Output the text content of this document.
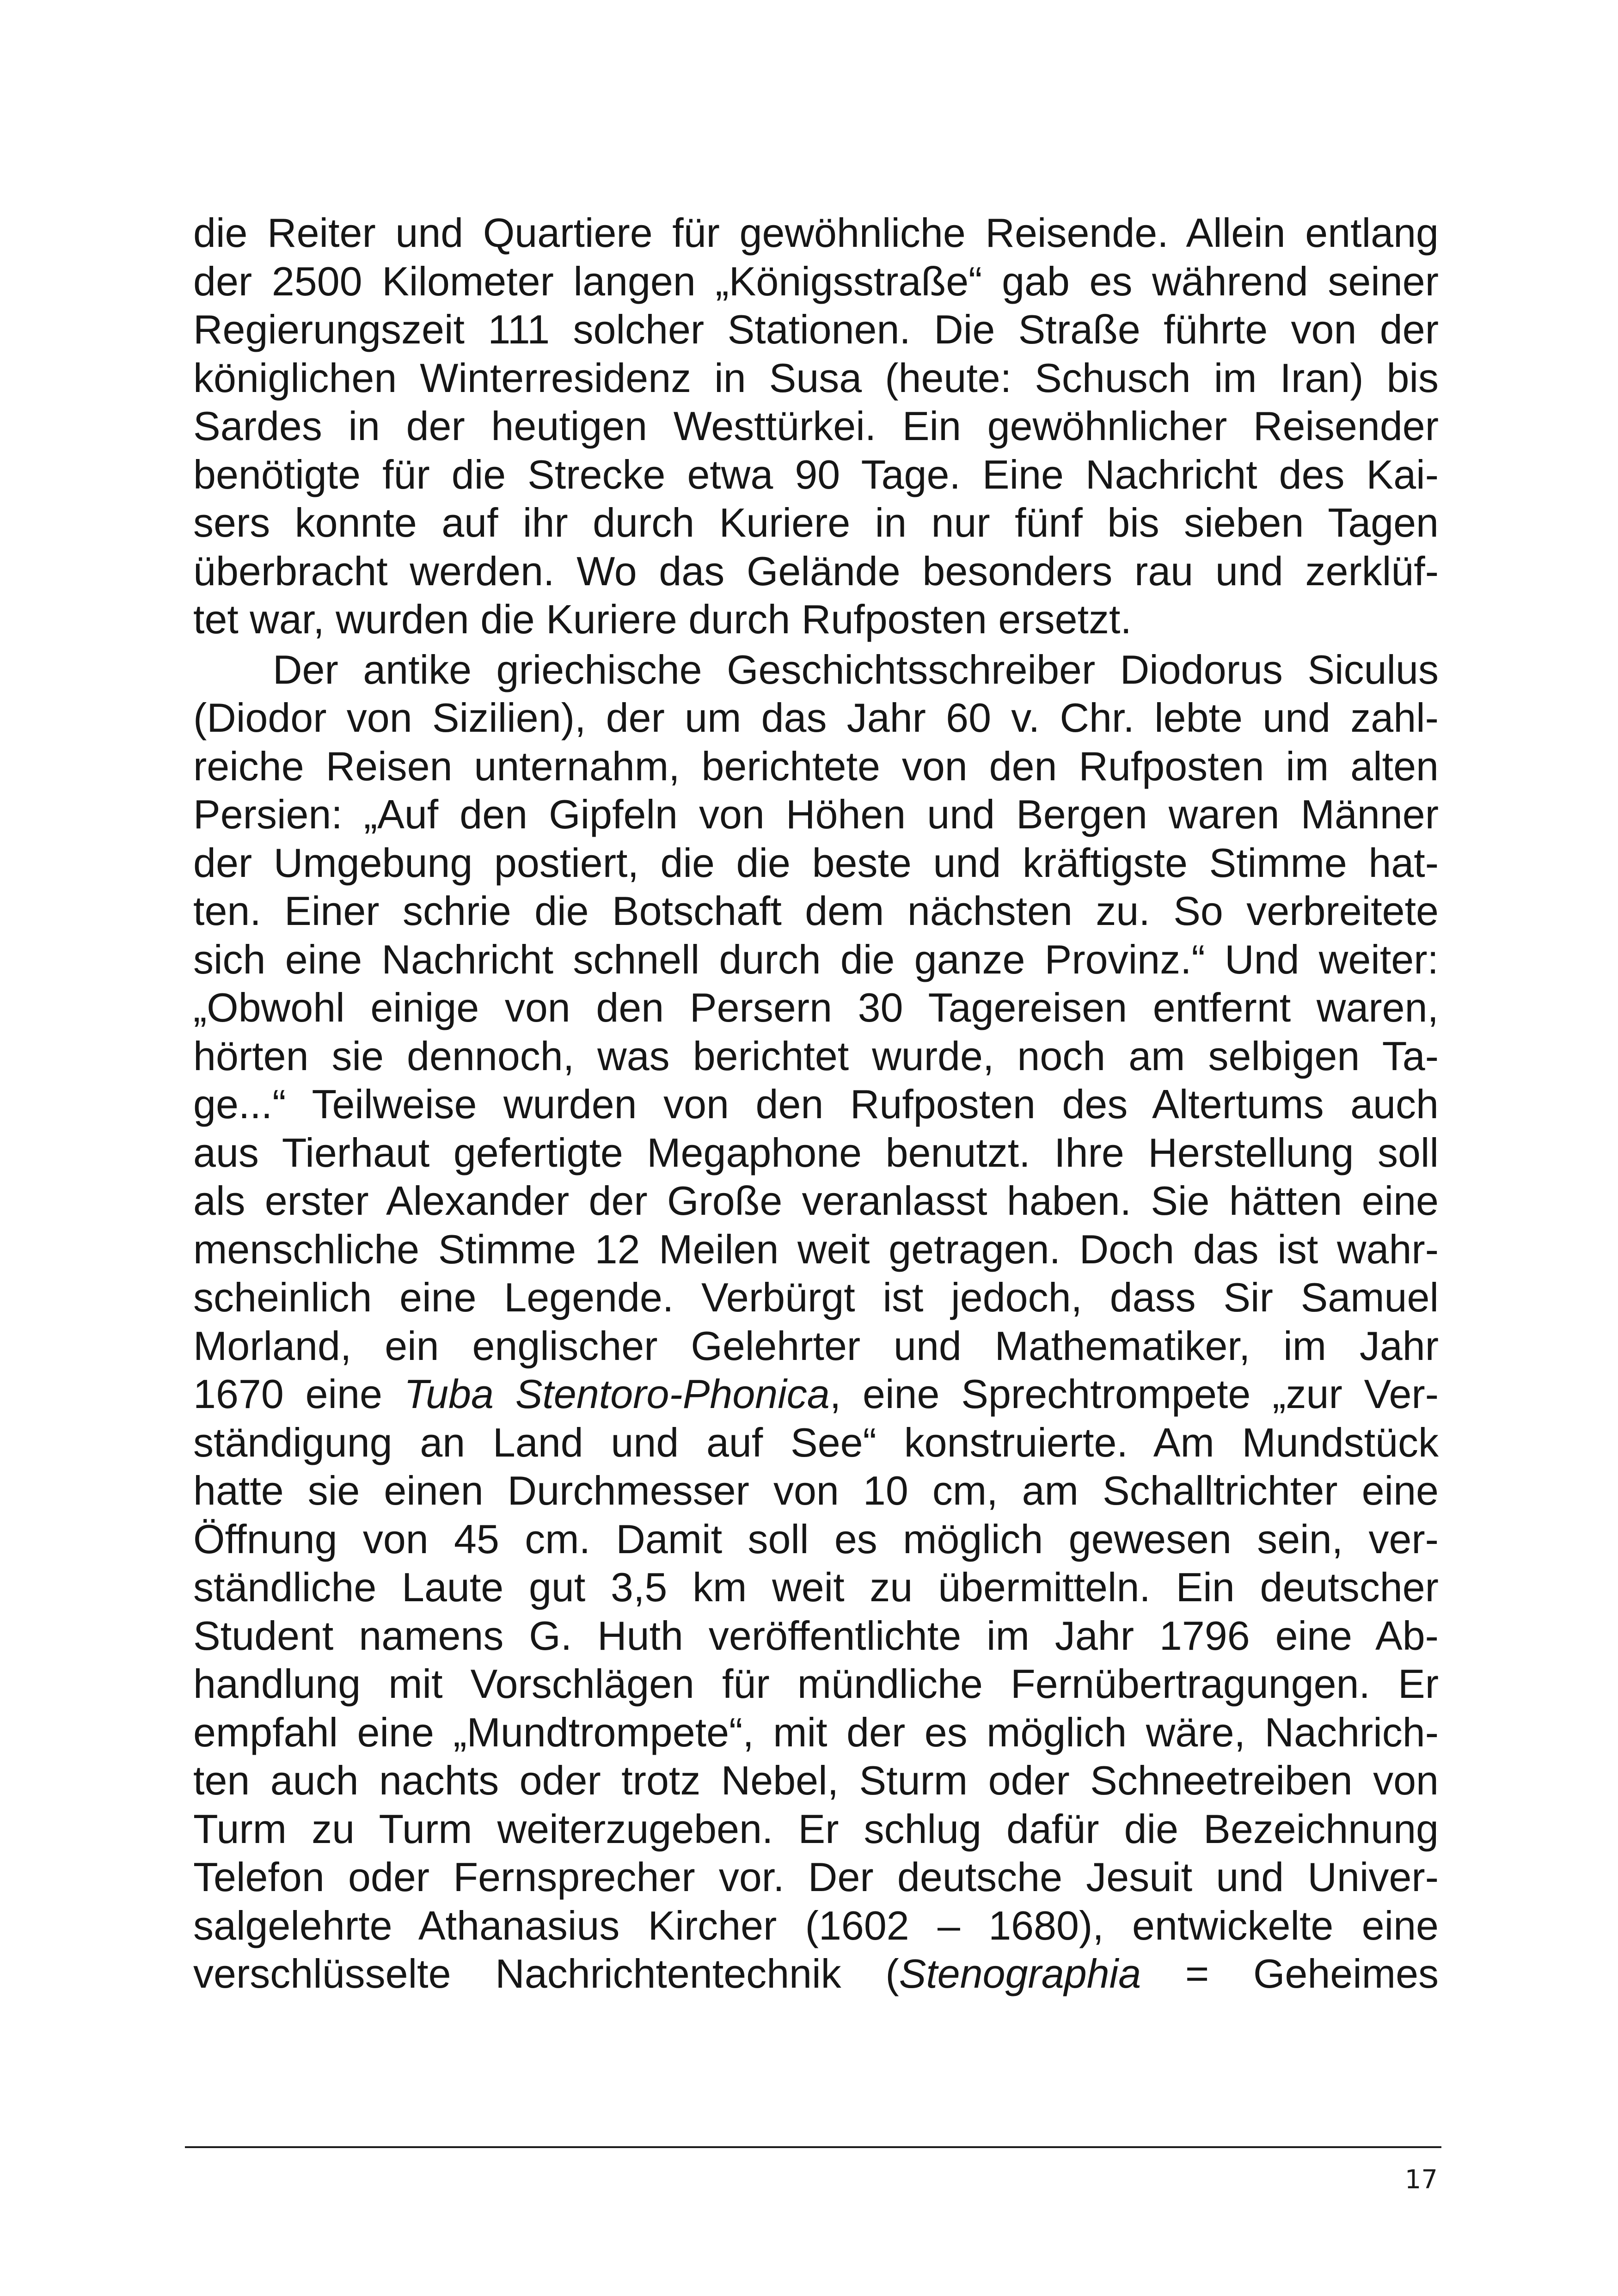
die Reiter und Quartiere für gewöhnliche Reisende. Allein entlang
der 2500 Kilometer langen „Königsstraße“ gab es während seiner
Regierungszeit 111 solcher Stationen. Die Straße führte von der
königlichen Winterresidenz in Susa (heute: Schusch im Iran) bis
Sardes in der heutigen Westtürkei. Ein gewöhnlicher Reisender
benötigte für die Strecke etwa 90 Tage. Eine Nachricht des Kai-
sers konnte auf ihr durch Kuriere in nur fünf bis sieben Tagen
überbracht werden. Wo das Gelände besonders rau und zerklüf-
tet war, wurden die Kuriere durch Rufposten ersetzt.
Der antike griechische Geschichtsschreiber Diodorus Siculus
(Diodor von Sizilien), der um das Jahr 60 v. Chr. lebte und zahl-
reiche Reisen unternahm, berichtete von den Rufposten im alten
Persien: „Auf den Gipfeln von Höhen und Bergen waren Männer
der Umgebung postiert, die die beste und kräftigste Stimme hat-
ten. Einer schrie die Botschaft dem nächsten zu. So verbreitete
sich eine Nachricht schnell durch die ganze Provinz.“ Und weiter:
„Obwohl einige von den Persern 30 Tagereisen entfernt waren,
hörten sie dennoch, was berichtet wurde, noch am selbigen Ta-
ge...“ Teilweise wurden von den Rufposten des Altertums auch
aus Tierhaut gefertigte Megaphone benutzt. Ihre Herstellung soll
als erster Alexander der Große veranlasst haben. Sie hätten eine
menschliche Stimme 12 Meilen weit getragen. Doch das ist wahr-
scheinlich eine Legende. Verbürgt ist jedoch, dass Sir Samuel
Morland, ein englischer Gelehrter und Mathematiker, im Jahr
1670 eine Tuba Stentoro-Phonica, eine Sprechtrompete „zur Ver-
ständigung an Land und auf See“ konstruierte. Am Mundstück
hatte sie einen Durchmesser von 10 cm, am Schalltrichter eine
Öffnung von 45 cm. Damit soll es möglich gewesen sein, ver-
ständliche Laute gut 3,5 km weit zu übermitteln. Ein deutscher
Student namens G. Huth veröffentlichte im Jahr 1796 eine Ab-
handlung mit Vorschlägen für mündliche Fernübertragungen. Er
empfahl eine „Mundtrompete“, mit der es möglich wäre, Nachrich-
ten auch nachts oder trotz Nebel, Sturm oder Schneetreiben von
Turm zu Turm weiterzugeben. Er schlug dafür die Bezeichnung
Telefon oder Fernsprecher vor. Der deutsche Jesuit und Univer-
salgelehrte Athanasius Kircher (1602 – 1680), entwickelte eine
verschlüsselte Nachrichtentechnik (Stenographia = Geheimes
17
